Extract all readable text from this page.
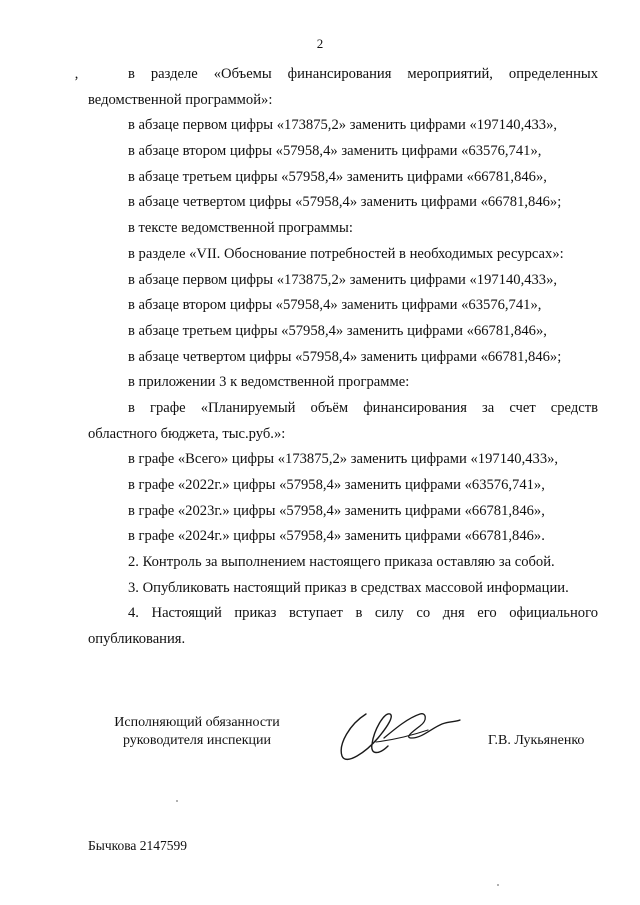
2
‚	в разделе «Объемы финансирования мероприятий, определенных
ведомственной программой»:
в абзаце первом цифры «173875,2» заменить цифрами «197140,433»,
в абзаце втором цифры «57958,4» заменить цифрами «63576,741»,
в абзаце третьем цифры «57958,4» заменить цифрами «66781,846»,
в абзаце четвертом цифры «57958,4» заменить цифрами «66781,846»;
в тексте ведомственной программы:
в разделе «VII. Обоснование потребностей в необходимых ресурсах»:
в абзаце первом цифры «173875,2» заменить цифрами «197140,433»,
в абзаце втором цифры «57958,4» заменить цифрами «63576,741»,
в абзаце третьем цифры «57958,4» заменить цифрами «66781,846»,
в абзаце четвертом цифры «57958,4» заменить цифрами «66781,846»;
в приложении 3 к ведомственной программе:
в графе «Планируемый объём финансирования за счет средств
областного бюджета, тыс.руб.»:
в графе «Всего» цифры «173875,2» заменить цифрами «197140,433»,
в графе «2022г.» цифры «57958,4» заменить цифрами «63576,741»,
в графе «2023г.» цифры «57958,4» заменить цифрами «66781,846»,
в графе «2024г.» цифры «57958,4» заменить цифрами «66781,846».
2. Контроль за выполнением настоящего приказа оставляю за собой.
3. Опубликовать настоящий приказ в средствах массовой информации.
4. Настоящий приказ вступает в силу со дня его официального
опубликования.
Исполняющий обязанности
руководителя инспекции	Г.В. Лукьяненко
Бычкова 2147599
